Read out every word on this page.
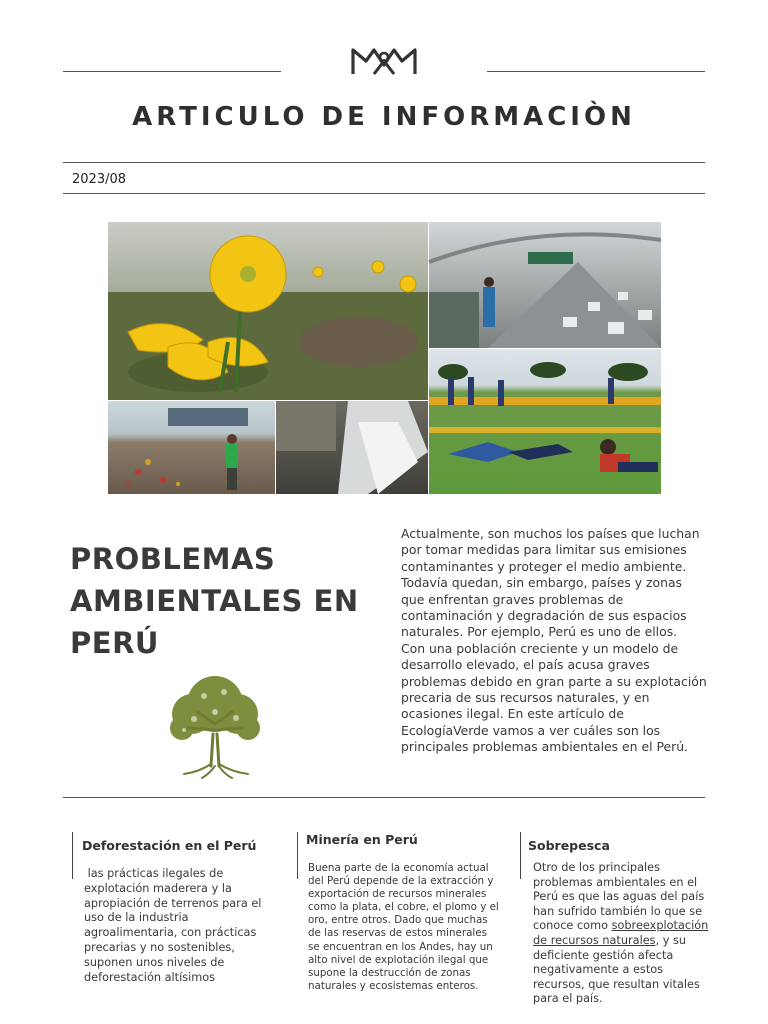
ARTICULO DE INFORMACIÒN
2023/08
PROBLEMAS
AMBIENTALES EN
PERÚ

Actualmente, son muchos los países que luchan por tomar medidas para limitar sus emisiones contaminantes y proteger el medio ambiente. Todavía quedan, sin embargo, países y zonas que enfrentan graves problemas de contaminación y degradación de sus espacios naturales. Por ejemplo, Perú es uno de ellos.

Con una población creciente y un modelo de desarrollo elevado, el país acusa graves problemas debido en gran parte a su explotación precaria de sus recursos naturales, y en ocasiones ilegal. En este artículo de EcologíaVerde vamos a ver cuáles son los principales problemas ambientales en el Perú.

Deforestación en el Perú
las prácticas ilegales de explotación maderera y la apropiación de terrenos para el uso de la industria agroalimentaria, con prácticas precarias y no sostenibles, suponen unos niveles de deforestación altísimos
Minería en Perú
Buena parte de la economía actual del Perú depende de la extracción y exportación de recursos minerales como la plata, el cobre, el plomo y el oro, entre otros. Dado que muchas de las reservas de estos minerales se encuentran en los Andes, hay un alto nivel de explotación ilegal que supone la destrucción de zonas naturales y ecosistemas enteros.
Sobrepesca
Otro de los principales problemas ambientales en el Perú es que las aguas del país han sufrido también lo que se conoce como sobreexplotación de recursos naturales, y su deficiente gestión afecta negativamente a estos recursos, que resultan vitales para el país.
